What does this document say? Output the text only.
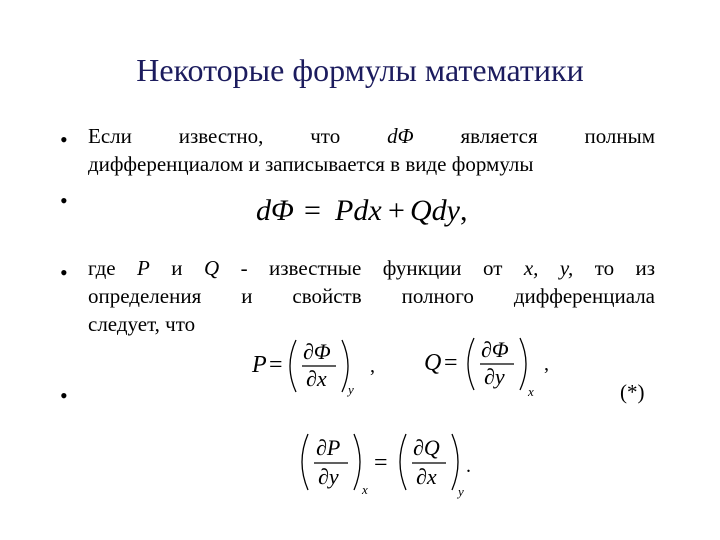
Некоторые формулы математики
• Если известно, что dΦ является полным
дифференциалом и записывается в виде формулы
•	dΦ = Pdx + Qdy ,
• где P и Q - известные функции от x, y, то из
определения и свойств полного дифференциала
следует, что
P =
∂Φ
∂x y
, Q =
∂Φ
∂y
x
,
•	(*)
∂P
∂y
x
=
∂Q
∂x
y
.
